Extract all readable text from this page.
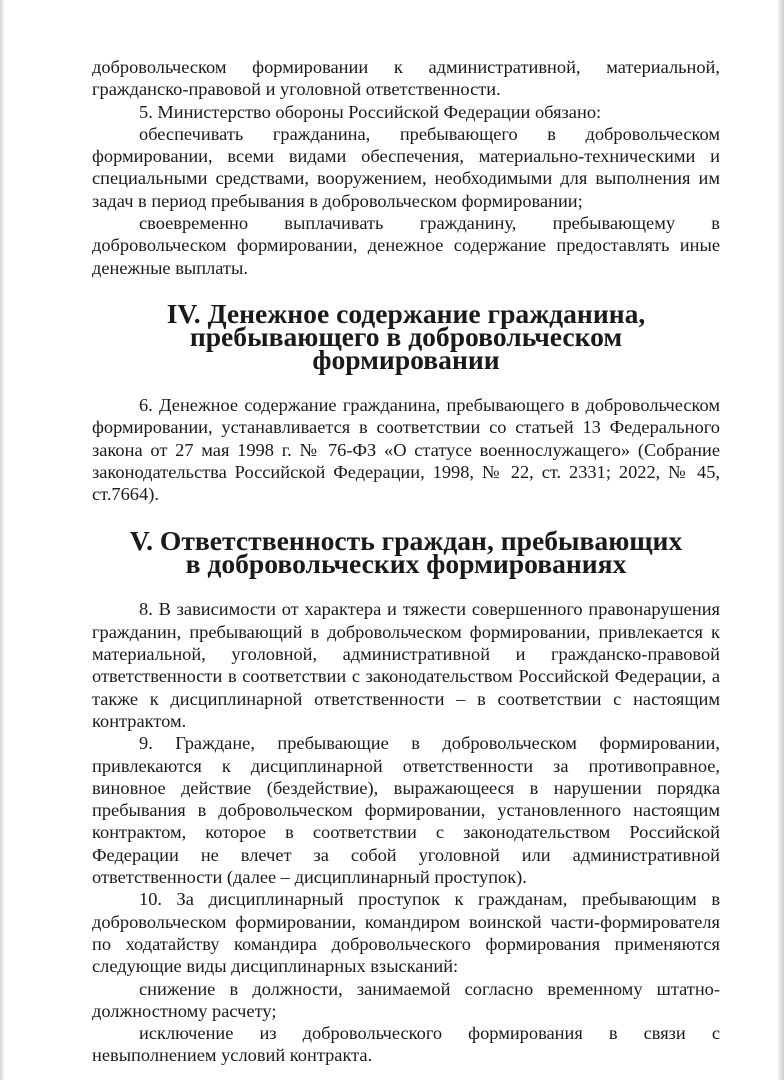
добровольческом формировании к административной, материальной, гражданско-правовой и уголовной ответственности.

5. Министерство обороны Российской Федерации обязано:

обеспечивать гражданина, пребывающего в добровольческом формировании, всеми видами обеспечения, материально-техническими и специальными средствами, вооружением, необходимыми для выполнения им задач в период пребывания в добровольческом формировании;

своевременно выплачивать гражданину, пребывающему в добровольческом формировании, денежное содержание предоставлять иные денежные выплаты.

IV. Денежное содержание гражданина, пребывающего в добровольческом формировании

6. Денежное содержание гражданина, пребывающего в добровольческом формировании, устанавливается в соответствии со статьей 13 Федерального закона от 27 мая 1998 г. № 76-ФЗ «О статусе военнослужащего» (Собрание законодательства Российской Федерации, 1998, № 22, ст. 2331; 2022, № 45, ст.7664).

V. Ответственность граждан, пребывающих в добровольческих формированиях

8. В зависимости от характера и тяжести совершенного правонарушения гражданин, пребывающий в добровольческом формировании, привлекается к материальной, уголовной, административной и гражданско-правовой ответственности в соответствии с законодательством Российской Федерации, а также к дисциплинарной ответственности – в соответствии с настоящим контрактом.

9. Граждане, пребывающие в добровольческом формировании, привлекаются к дисциплинарной ответственности за противоправное, виновное действие (бездействие), выражающееся в нарушении порядка пребывания в добровольческом формировании, установленного настоящим контрактом, которое в соответствии с законодательством Российской Федерации не влечет за собой уголовной или административной ответственности (далее – дисциплинарный проступок).

10. За дисциплинарный проступок к гражданам, пребывающим в добровольческом формировании, командиром воинской части-формирователя по ходатайству командира добровольческого формирования применяются следующие виды дисциплинарных взысканий:

снижение в должности, занимаемой согласно временному штатно-должностному расчету;

исключение из добровольческого формирования в связи с невыполнением условий контракта.
